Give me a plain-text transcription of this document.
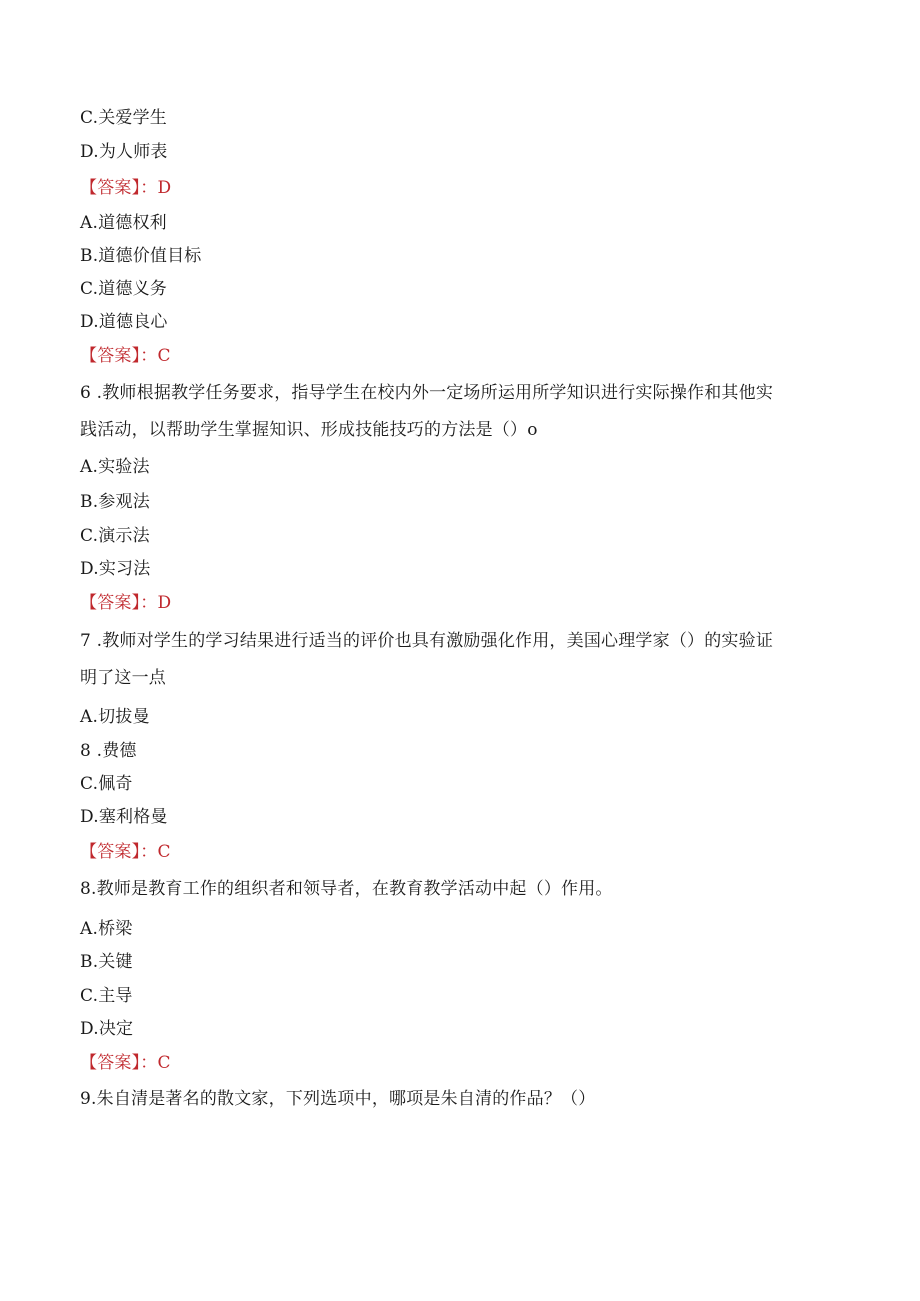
C.关爱学生
D.为人师表
【答案】：D
A.道德权利
B.道德价值目标
C.道德义务
D.道德良心
【答案】：C
6 .教师根据教学任务要求，指导学生在校内外一定场所运用所学知识进行实际操作和其他实
践活动，以帮助学生掌握知识、形成技能技巧的方法是（）o
A.实验法
B.参观法
C.演示法
D.实习法
【答案】：D
7 .教师对学生的学习结果进行适当的评价也具有激励强化作用，美国心理学家（）的实验证
明了这一点
A.切拔曼
8 .费德
C.佩奇
D.塞利格曼
【答案】：C
8.教师是教育工作的组织者和领导者，在教育教学活动中起（）作用。
A.桥梁
B.关键
C.主导
D.决定
【答案】：C
9.朱自清是著名的散文家，下列选项中，哪项是朱自清的作品？（）
